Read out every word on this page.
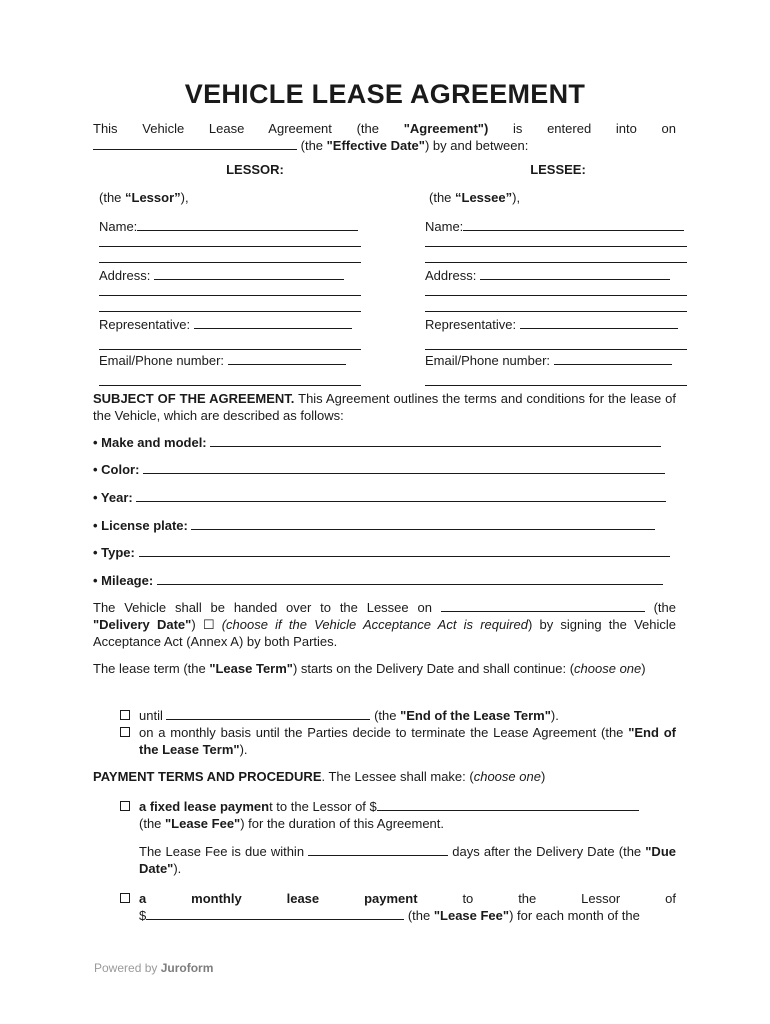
VEHICLE LEASE AGREEMENT
This Vehicle Lease Agreement (the "Agreement") is entered into on
(the "Effective Date") by and between:
LESSOR:	LESSEE:
(the “Lessor”),
Name:
Address:
Representative:
Email/Phone number:
(the “Lessee”),
Name:
Address:
Representative:
Email/Phone number:
SUBJECT OF THE AGREEMENT. This Agreement outlines the terms and conditions for the lease of the Vehicle, which are described as follows:
• Make and model:
• Color:
• Year:
• License plate:
• Type:
• Mileage:
The Vehicle shall be handed over to the Lessee on	(the "Delivery Date") ☐ (choose if the Vehicle Acceptance Act is required) by signing the Vehicle Acceptance Act (Annex A) by both Parties.
The lease term (the "Lease Term") starts on the Delivery Date and shall continue: (choose one)
until	(the "End of the Lease Term").
on a monthly basis until the Parties decide to terminate the Lease Agreement (the "End of the Lease Term").
PAYMENT TERMS AND PROCEDURE. The Lessee shall make: (choose one)
a fixed lease payment to the Lessor of $
(the "Lease Fee") for the duration of this Agreement.
The Lease Fee is due within	days after the Delivery Date (the "Due Date").
a	monthly	lease	payment	to	the	Lessor	of
$	(the "Lease Fee") for each month of the
Powered by Juroform
